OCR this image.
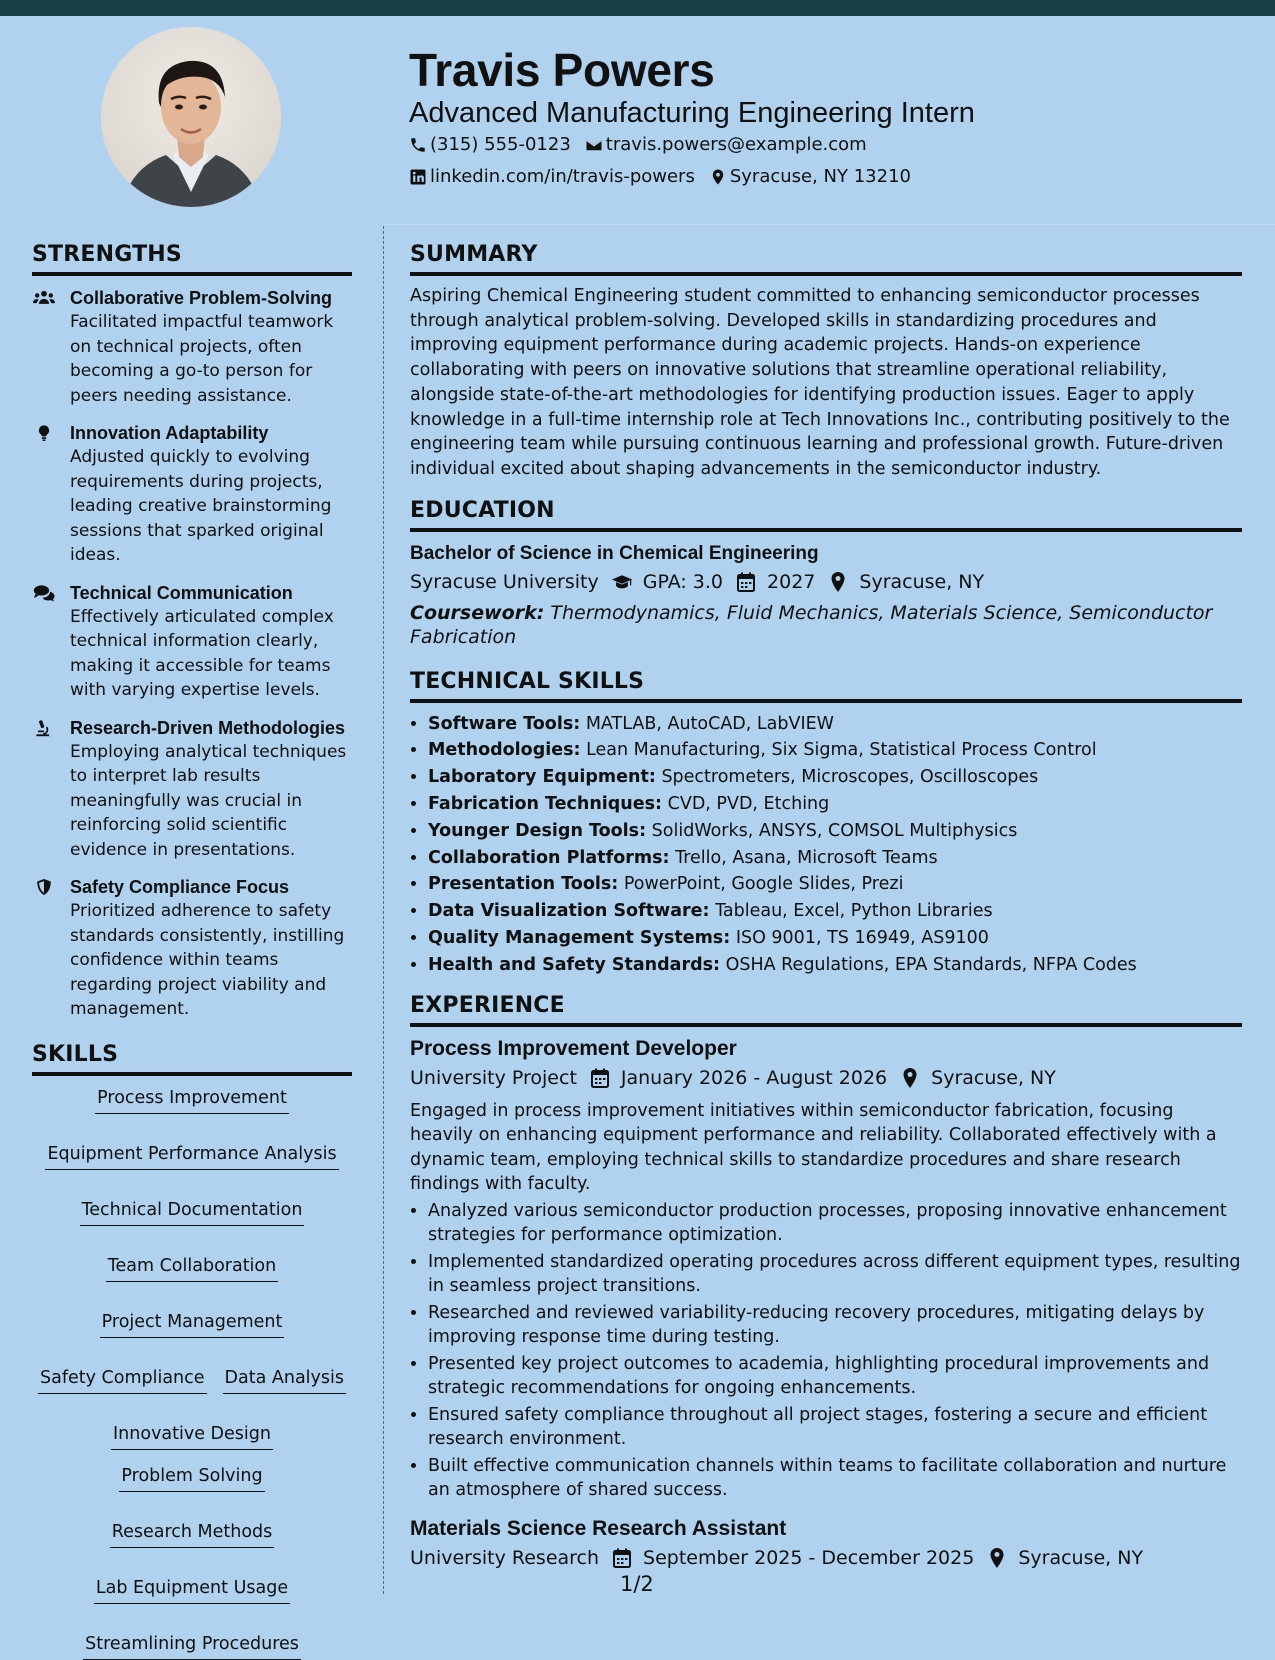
Travis Powers
Advanced Manufacturing Engineering Intern
(315) 555-0123 travis.powers@example.com
linkedin.com/in/travis-powers Syracuse, NY 13210
STRENGTHS
Collaborative Problem-Solving
Facilitated impactful teamwork on technical projects, often becoming a go-to person for peers needing assistance.
Innovation Adaptability
Adjusted quickly to evolving requirements during projects, leading creative brainstorming sessions that sparked original ideas.
Technical Communication
Effectively articulated complex technical information clearly, making it accessible for teams with varying expertise levels.
Research-Driven Methodologies
Employing analytical techniques to interpret lab results meaningfully was crucial in reinforcing solid scientific evidence in presentations.
Safety Compliance Focus
Prioritized adherence to safety standards consistently, instilling confidence within teams regarding project viability and management.
SKILLS
Process Improvement
Equipment Performance Analysis
Technical Documentation
Team Collaboration
Project Management
Safety Compliance Data Analysis
Innovative Design
Problem Solving
Research Methods
Lab Equipment Usage
Streamlining Procedures
SUMMARY

Aspiring Chemical Engineering student committed to enhancing semiconductor processes through analytical problem-solving. Developed skills in standardizing procedures and improving equipment performance during academic projects. Hands-on experience collaborating with peers on innovative solutions that streamline operational reliability, alongside state-of-the-art methodologies for identifying production issues. Eager to apply knowledge in a full-time internship role at Tech Innovations Inc., contributing positively to the engineering team while pursuing continuous learning and professional growth. Future-driven individual excited about shaping advancements in the semiconductor industry.

EDUCATION
Bachelor of Science in Chemical Engineering
Syracuse University GPA: 3.0 2027 Syracuse, NY
Coursework: Thermodynamics, Fluid Mechanics, Materials Science, Semiconductor Fabrication
TECHNICAL SKILLS
• Software Tools: MATLAB, AutoCAD, LabVIEW
• Methodologies: Lean Manufacturing, Six Sigma, Statistical Process Control
• Laboratory Equipment: Spectrometers, Microscopes, Oscilloscopes
• Fabrication Techniques: CVD, PVD, Etching
• Younger Design Tools: SolidWorks, ANSYS, COMSOL Multiphysics
• Collaboration Platforms: Trello, Asana, Microsoft Teams
• Presentation Tools: PowerPoint, Google Slides, Prezi
• Data Visualization Software: Tableau, Excel, Python Libraries
• Quality Management Systems: ISO 9001, TS 16949, AS9100
• Health and Safety Standards: OSHA Regulations, EPA Standards, NFPA Codes
EXPERIENCE
Process Improvement Developer
University Project January 2026 - August 2026 Syracuse, NY
Engaged in process improvement initiatives within semiconductor fabrication, focusing heavily on enhancing equipment performance and reliability. Collaborated effectively with a dynamic team, employing technical skills to standardize procedures and share research findings with faculty.
• Analyzed various semiconductor production processes, proposing innovative enhancement strategies for performance optimization.
• Implemented standardized operating procedures across different equipment types, resulting in seamless project transitions.
• Researched and reviewed variability-reducing recovery procedures, mitigating delays by improving response time during testing.
• Presented key project outcomes to academia, highlighting procedural improvements and strategic recommendations for ongoing enhancements.
• Ensured safety compliance throughout all project stages, fostering a secure and efficient research environment.
• Built effective communication channels within teams to facilitate collaboration and nurture an atmosphere of shared success.
Materials Science Research Assistant
University Research September 2025 - December 2025 Syracuse, NY
1/2
